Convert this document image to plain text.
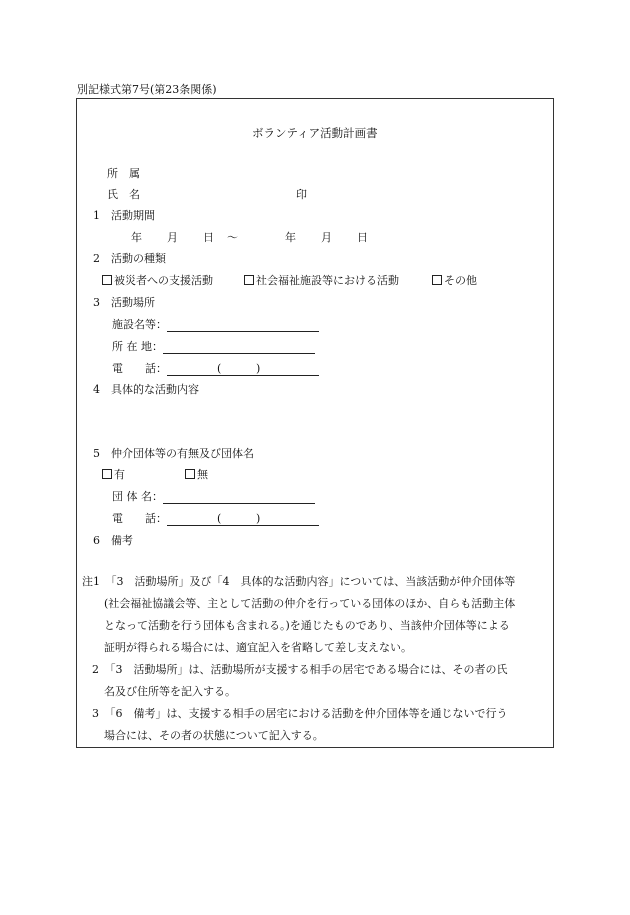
別記様式第7号(第23条関係)
ボランティア活動計画書
所　属
氏　名	印
1　活動期間
年 月 日 〜	年 月 日
2　活動の種類
被災者への支援活動	社会福祉施設等における活動	その他
3　活動場所
施設名等：
所 在 地：
電　　話：	(	)
4　具体的な活動内容
5　仲介団体等の有無及び団体名
有	無
団 体 名：
電　　話：	(	)
6　備考
注1　「3　活動場所」及び「4　具体的な活動内容」については、当該活動が仲介団体等
(社会福祉協議会等、主として活動の仲介を行っている団体のほか、自らも活動主体
となって活動を行う団体も含まれる。)を通じたものであり、当該仲介団体等による
証明が得られる場合には、適宜記入を省略して差し支えない。
2　「3　活動場所」は、活動場所が支援する相手の居宅である場合には、その者の氏
名及び住所等を記入する。
3　「6　備考」は、支援する相手の居宅における活動を仲介団体等を通じないで行う
場合には、その者の状態について記入する。
